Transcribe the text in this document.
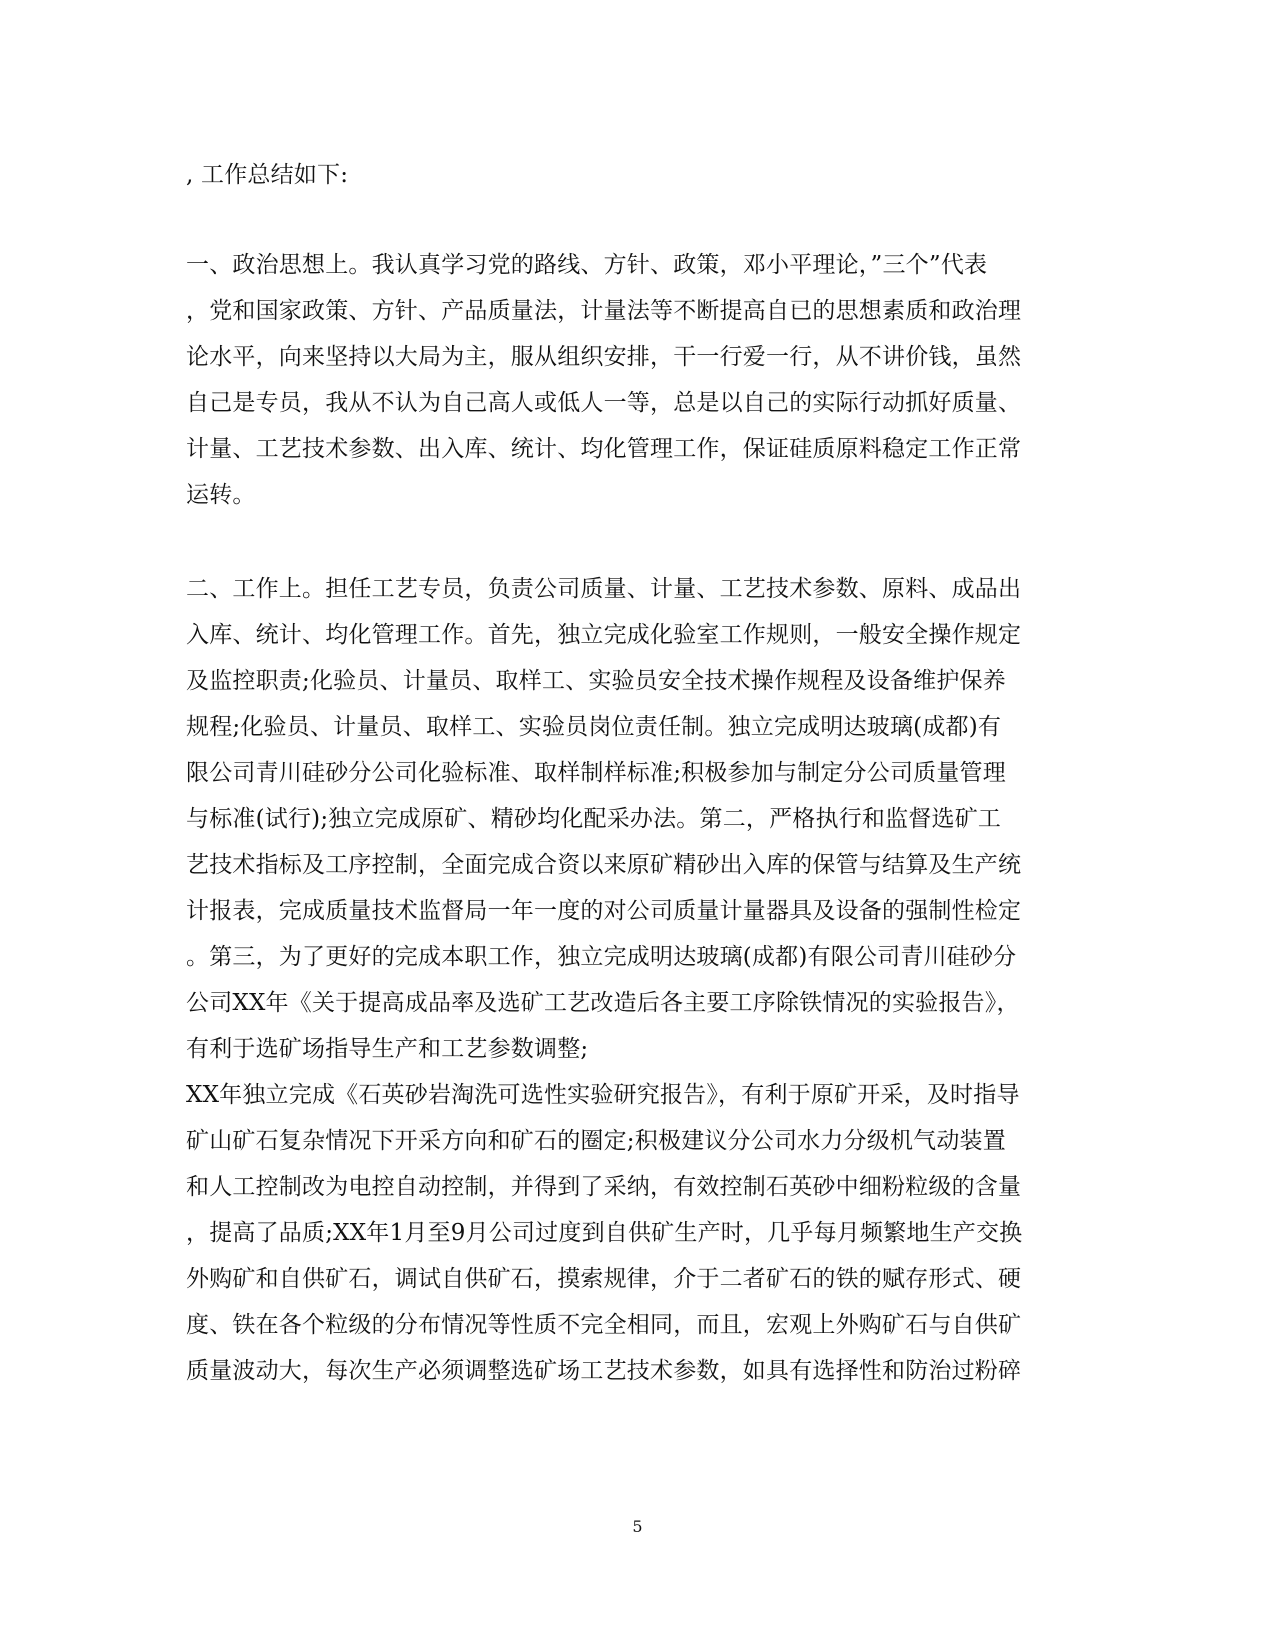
, 工作总结如下:
一、政治思想上。我认真学习党的路线、方针、政策，邓小平理论，”三个”代表
，党和国家政策、方针、产品质量法，计量法等不断提高自已的思想素质和政治理
论水平，向来坚持以大局为主，服从组织安排，干一行爱一行，从不讲价钱，虽然
自己是专员，我从不认为自己高人或低人一等，总是以自己的实际行动抓好质量、
计量、工艺技术参数、出入库、统计、均化管理工作，保证硅质原料稳定工作正常
运转。
二、工作上。担任工艺专员，负责公司质量、计量、工艺技术参数、原料、成品出
入库、统计、均化管理工作。首先，独立完成化验室工作规则，一般安全操作规定
及监控职责;化验员、计量员、取样工、实验员安全技术操作规程及设备维护保养
规程;化验员、计量员、取样工、实验员岗位责任制。独立完成明达玻璃(成都)有
限公司青川硅砂分公司化验标准、取样制样标准;积极参加与制定分公司质量管理
与标准(试行);独立完成原矿、精砂均化配采办法。第二，严格执行和监督选矿工
艺技术指标及工序控制，全面完成合资以来原矿精砂出入库的保管与结算及生产统
计报表，完成质量技术监督局一年一度的对公司质量计量器具及设备的强制性检定
。第三，为了更好的完成本职工作，独立完成明达玻璃(成都)有限公司青川硅砂分
公司XX年《关于提高成品率及选矿工艺改造后各主要工序除铁情况的实验报告》，
有利于选矿场指导生产和工艺参数调整;
XX年独立完成《石英砂岩淘洗可选性实验研究报告》，有利于原矿开采，及时指导
矿山矿石复杂情况下开采方向和矿石的圈定;积极建议分公司水力分级机气动装置
和人工控制改为电控自动控制，并得到了采纳，有效控制石英砂中细粉粒级的含量
，提高了品质;XX年1月至9月公司过度到自供矿生产时，几乎每月频繁地生产交换
外购矿和自供矿石，调试自供矿石，摸索规律，介于二者矿石的铁的赋存形式、硬
度、铁在各个粒级的分布情况等性质不完全相同，而且，宏观上外购矿石与自供矿
质量波动大，每次生产必须调整选矿场工艺技术参数，如具有选择性和防治过粉碎
5
